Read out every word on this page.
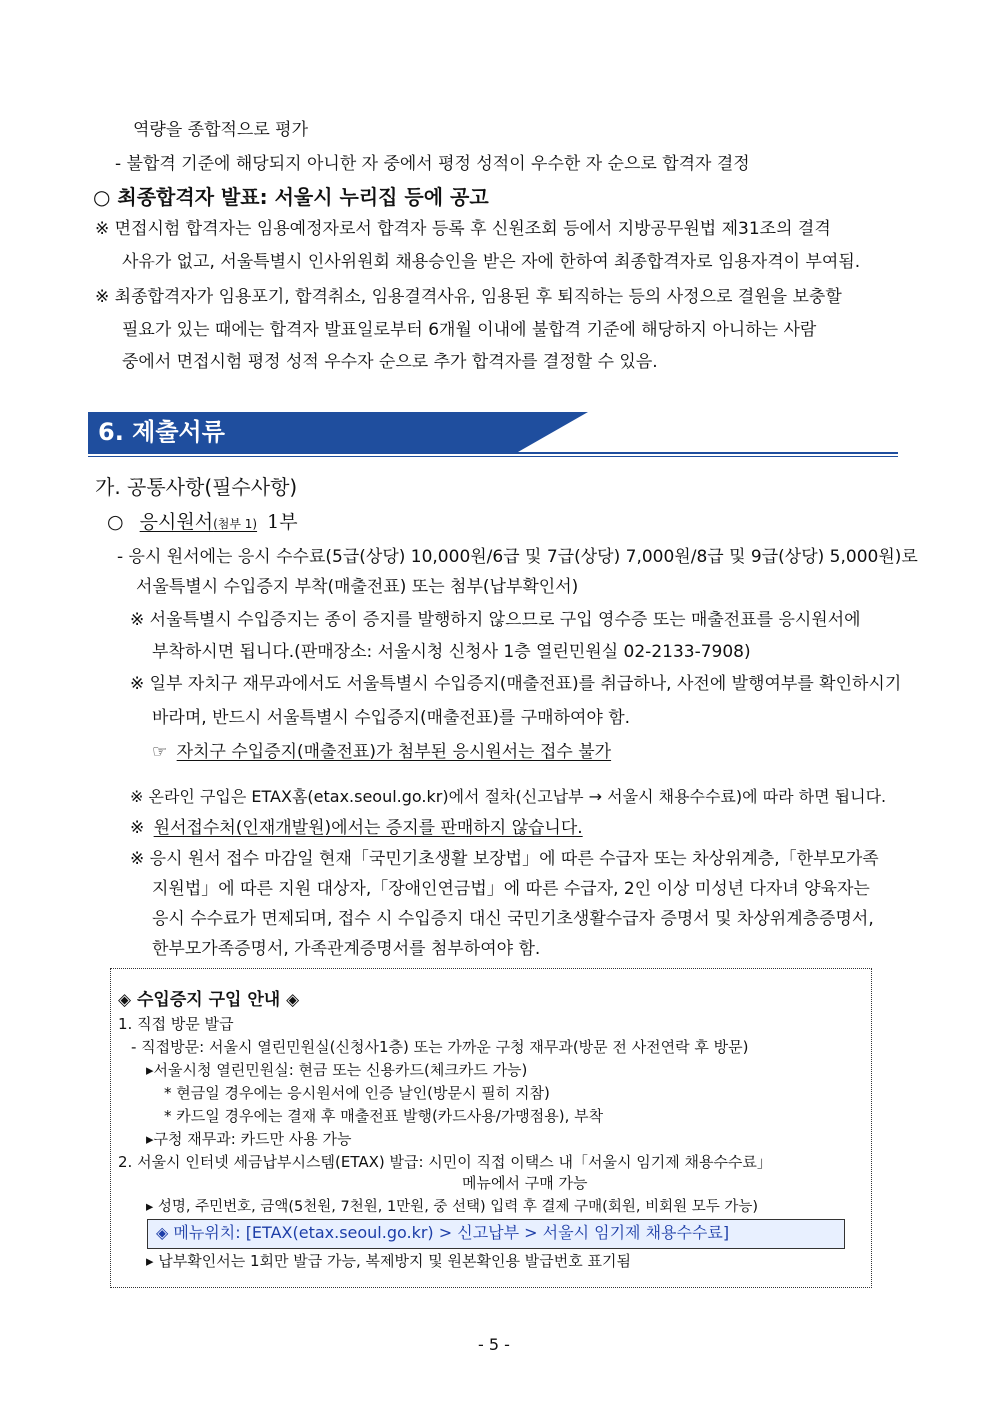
역량을 종합적으로 평가
- 불합격 기준에 해당되지 아니한 자 중에서 평정 성적이 우수한 자 순으로 합격자 결정
○ 최종합격자 발표: 서울시 누리집 등에 공고
※ 면접시험 합격자는 임용예정자로서 합격자 등록 후 신원조회 등에서 지방공무원법 제31조의 결격
사유가 없고, 서울특별시 인사위원회 채용승인을 받은 자에 한하여 최종합격자로 임용자격이 부여됨.
※ 최종합격자가 임용포기, 합격취소, 임용결격사유, 임용된 후 퇴직하는 등의 사정으로 결원을 보충할
필요가 있는 때에는 합격자 발표일로부터 6개월 이내에 불합격 기준에 해당하지 아니하는 사람
중에서 면접시험 평정 성적 우수자 순으로 추가 합격자를 결정할 수 있음.
6. 제출서류
가. 공통사항(필수사항)
○ 응시원서(첨부 1) 1부
- 응시 원서에는 응시 수수료(5급(상당) 10,000원/6급 및 7급(상당) 7,000원/8급 및 9급(상당) 5,000원)로
서울특별시 수입증지 부착(매출전표) 또는 첨부(납부확인서)
※ 서울특별시 수입증지는 종이 증지를 발행하지 않으므로 구입 영수증 또는 매출전표를 응시원서에
부착하시면 됩니다.(판매장소: 서울시청 신청사 1층 열린민원실 02-2133-7908)
※ 일부 자치구 재무과에서도 서울특별시 수입증지(매출전표)를 취급하나, 사전에 발행여부를 확인하시기
바라며, 반드시 서울특별시 수입증지(매출전표)를 구매하여야 함.
☞ 자치구 수입증지(매출전표)가 첨부된 응시원서는 접수 불가
※ 온라인 구입은 ETAX홈(etax.seoul.go.kr)에서 절차(신고납부 → 서울시 채용수수료)에 따라 하면 됩니다.
※ 원서접수처(인재개발원)에서는 증지를 판매하지 않습니다.
※ 응시 원서 접수 마감일 현재「국민기초생활 보장법」에 따른 수급자 또는 차상위계층,「한부모가족
지원법」에 따른 지원 대상자,「장애인연금법」에 따른 수급자, 2인 이상 미성년 다자녀 양육자는
응시 수수료가 면제되며, 접수 시 수입증지 대신 국민기초생활수급자 증명서 및 차상위계층증명서,
한부모가족증명서, 가족관계증명서를 첨부하여야 함.
◈ 수입증지 구입 안내 ◈
1. 직접 방문 발급
- 직접방문: 서울시 열린민원실(신청사1층) 또는 가까운 구청 재무과(방문 전 사전연락 후 방문)
▸서울시청 열린민원실: 현금 또는 신용카드(체크카드 가능)
* 현금일 경우에는 응시원서에 인증 날인(방문시 필히 지참)
* 카드일 경우에는 결재 후 매출전표 발행(카드사용/가맹점용), 부착
▸구청 재무과: 카드만 사용 가능
2. 서울시 인터넷 세금납부시스템(ETAX) 발급: 시민이 직접 이택스 내「서울시 임기제 채용수수료」
메뉴에서 구매 가능
▸ 성명, 주민번호, 금액(5천원, 7천원, 1만원, 중 선택) 입력 후 결제 구매(회원, 비회원 모두 가능)
◈ 메뉴위치: [ETAX(etax.seoul.go.kr) > 신고납부 > 서울시 임기제 채용수수료]
▸ 납부확인서는 1회만 발급 가능, 복제방지 및 원본확인용 발급번호 표기됨
- 5 -
